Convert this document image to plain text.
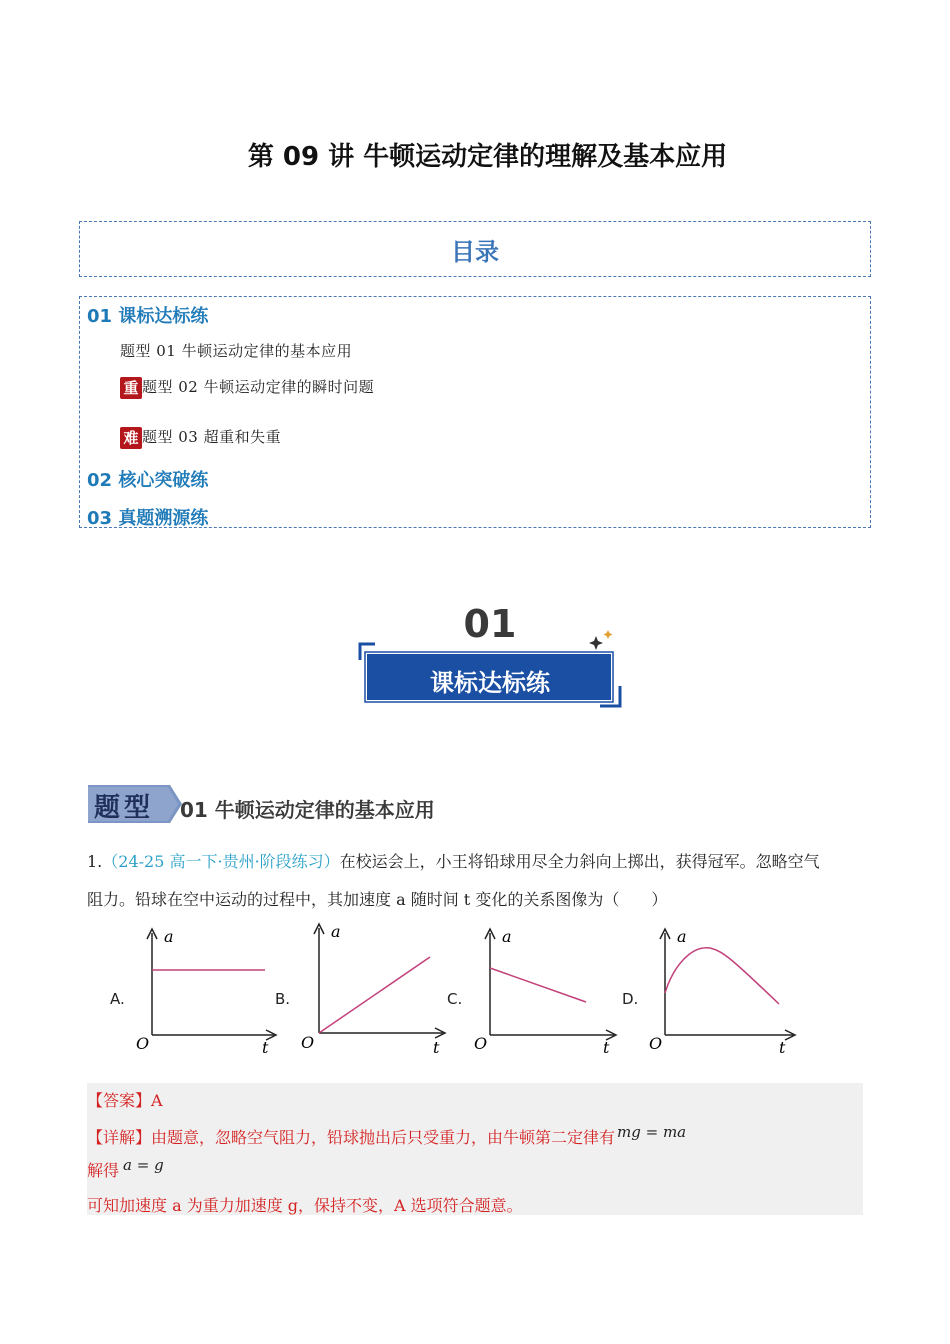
第 09 讲 牛顿运动定律的理解及基本应用
目录
01 课标达标练
题型 01 牛顿运动定律的基本应用
重 题型 02 牛顿运动定律的瞬时问题
难 题型 03 超重和失重
02 核心突破练
03 真题溯源练
01
课标达标练
题型 01 牛顿运动定律的基本应用
1.（24-25 高一下·贵州·阶段练习）在校运会上，小王将铅球用尽全力斜向上掷出，获得冠军。忽略空气
阻力。铅球在空中运动的过程中，其加速度 a 随时间 t 变化的关系图像为（　　）
A.	B.	C.	D.
a
O	t
a
O	t
a
O	t
a
O	t
【答案】A
【详解】由题意，忽略空气阻力，铅球抛出后只受重力，由牛顿第二定律有 mg = ma
解得 a = g
可知加速度 a 为重力加速度 g，保持不变，A 选项符合题意。
